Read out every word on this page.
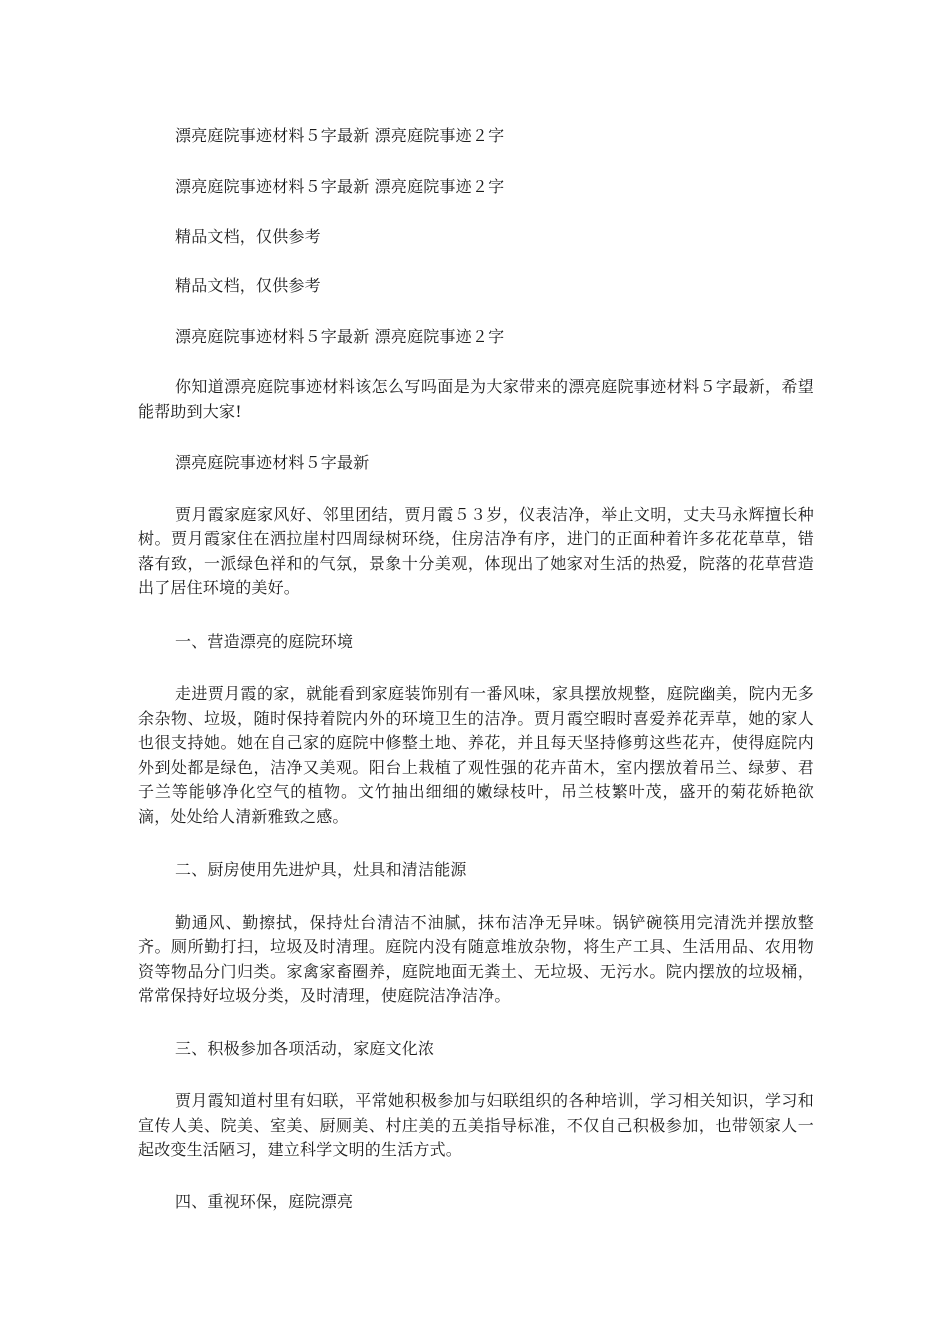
漂亮庭院事迹材料５字最新 漂亮庭院事迹２字

漂亮庭院事迹材料５字最新 漂亮庭院事迹２字

精品文档，仅供参考

精品文档，仅供参考

漂亮庭院事迹材料５字最新 漂亮庭院事迹２字

你知道漂亮庭院事迹材料该怎么写吗面是为大家带来的漂亮庭院事迹材料５字最新，希望能帮助到大家!

漂亮庭院事迹材料５字最新

贾月霞家庭家风好、邻里团结，贾月霞５３岁，仪表洁净，举止文明，丈夫马永辉擅长种树。贾月霞家住在洒拉崖村四周绿树环绕，住房洁净有序，进门的正面种着许多花花草草，错落有致，一派绿色祥和的气氛，景象十分美观，体现出了她家对生活的热爱，院落的花草营造出了居住环境的美好。

一、营造漂亮的庭院环境

走进贾月霞的家，就能看到家庭装饰别有一番风味，家具摆放规整，庭院幽美，院内无多余杂物、垃圾，随时保持着院内外的环境卫生的洁净。贾月霞空暇时喜爱养花弄草，她的家人也很支持她。她在自己家的庭院中修整土地、养花，并且每天坚持修剪这些花卉，使得庭院内外到处都是绿色，洁净又美观。阳台上栽植了观性强的花卉苗木，室内摆放着吊兰、绿萝、君子兰等能够净化空气的植物。文竹抽出细细的嫩绿枝叶，吊兰枝繁叶茂，盛开的菊花娇艳欲滴，处处给人清新雅致之感。

二、厨房使用先进炉具，灶具和清洁能源

勤通风、勤擦拭，保持灶台清洁不油腻，抹布洁净无异味。锅铲碗筷用完清洗并摆放整齐。厕所勤打扫，垃圾及时清理。庭院内没有随意堆放杂物，将生产工具、生活用品、农用物资等物品分门归类。家禽家畜圈养，庭院地面无粪土、无垃圾、无污水。院内摆放的垃圾桶，常常保持好垃圾分类，及时清理，使庭院洁净洁净。

三、积极参加各项活动，家庭文化浓

贾月霞知道村里有妇联，平常她积极参加与妇联组织的各种培训，学习相关知识，学习和宣传人美、院美、室美、厨厕美、村庄美的五美指导标准，不仅自己积极参加，也带领家人一起改变生活陋习，建立科学文明的生活方式。

四、重视环保，庭院漂亮
